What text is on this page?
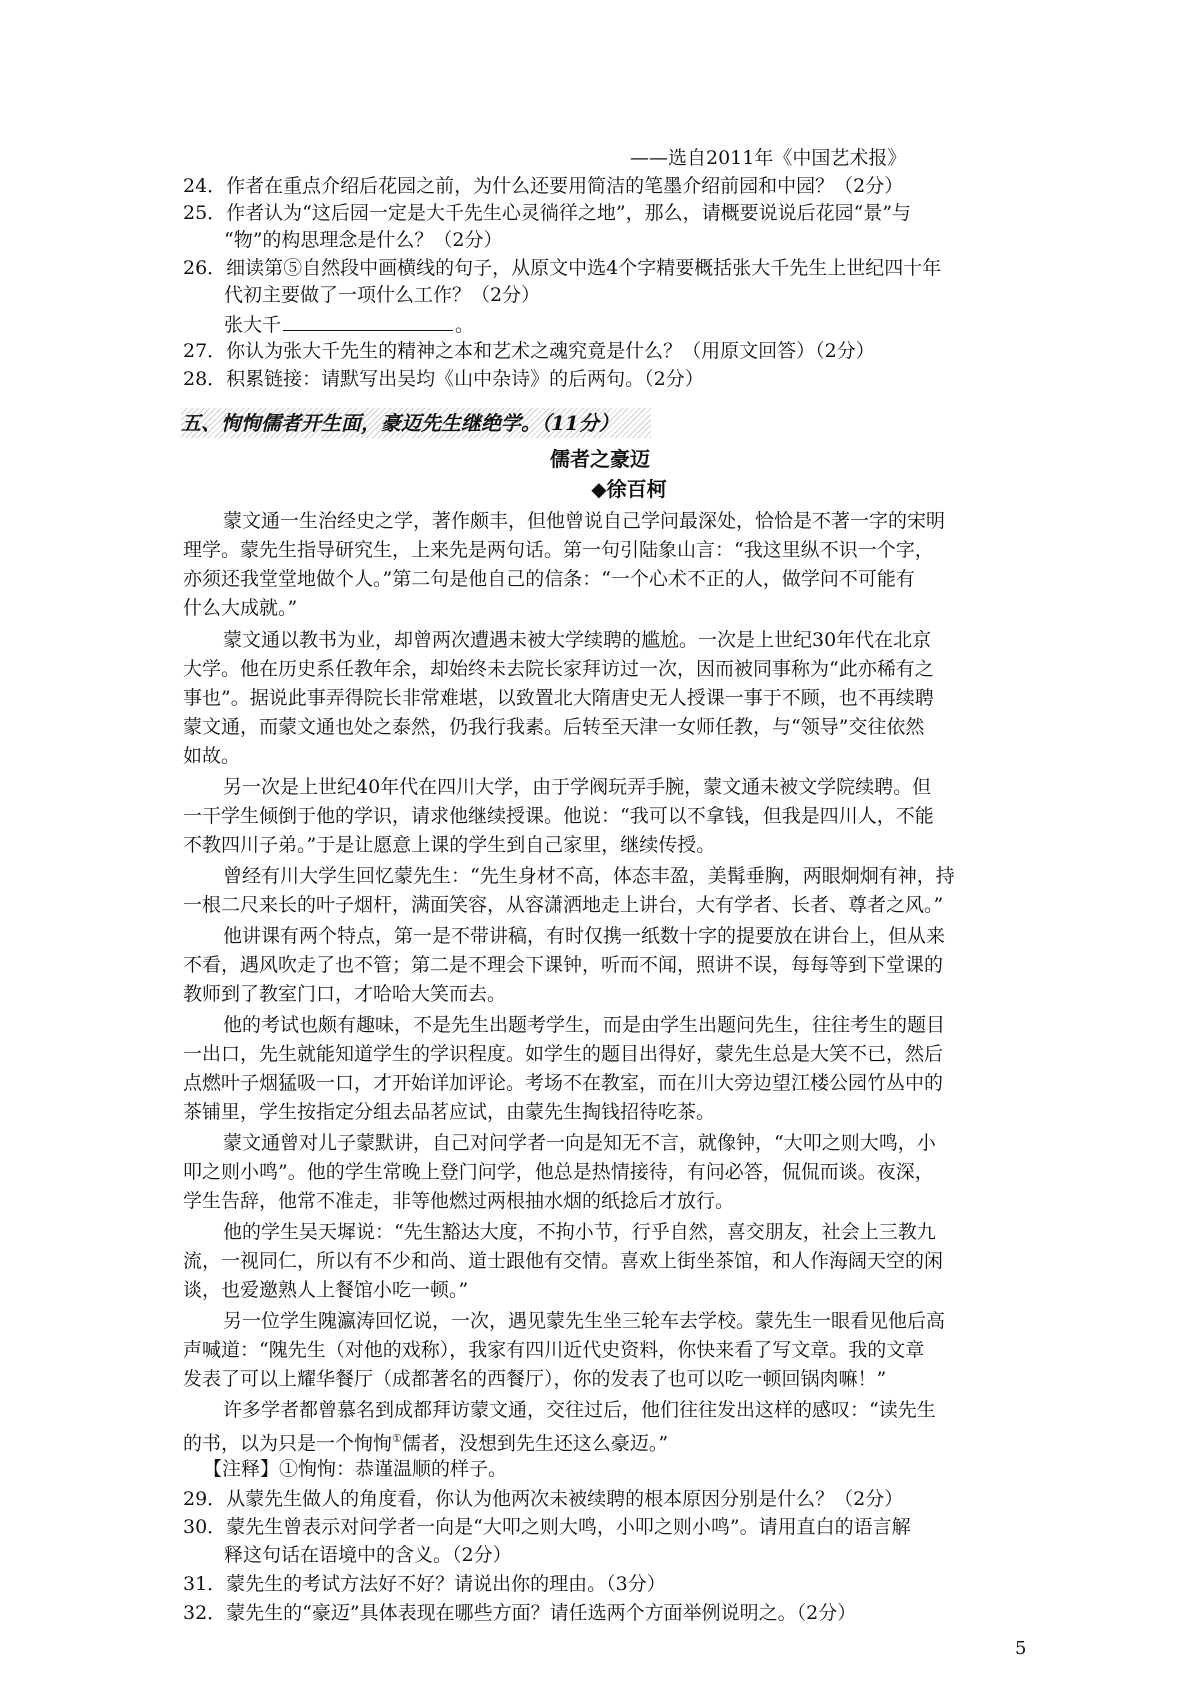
——选自2011年《中国艺术报》
24．作者在重点介绍后花园之前，为什么还要用简洁的笔墨介绍前园和中园？（2分）
25．作者认为“这后园一定是大千先生心灵徜徉之地”，那么，请概要说说后花园“景”与
“物”的构思理念是什么？（2分）
26．细读第⑤自然段中画横线的句子，从原文中选4个字精要概括张大千先生上世纪四十年
代初主要做了一项什么工作？（2分）
张大千	。
27．你认为张大千先生的精神之本和艺术之魂究竟是什么？（用原文回答）（2分）
28．积累链接：请默写出吴均《山中杂诗》的后两句。（2分）
五、恂恂儒者开生面，豪迈先生继绝学。（11分）
儒者之豪迈
◆徐百柯
蒙文通一生治经史之学，著作颇丰，但他曾说自己学问最深处，恰恰是不著一字的宋明
理学。蒙先生指导研究生，上来先是两句话。第一句引陆象山言：“我这里纵不识一个字，
亦须还我堂堂地做个人。”第二句是他自己的信条：“一个心术不正的人，做学问不可能有
什么大成就。”
蒙文通以教书为业，却曾两次遭遇未被大学续聘的尴尬。一次是上世纪30年代在北京
大学。他在历史系任教年余，却始终未去院长家拜访过一次，因而被同事称为“此亦稀有之
事也”。据说此事弄得院长非常难堪，以致置北大隋唐史无人授课一事于不顾，也不再续聘
蒙文通，而蒙文通也处之泰然，仍我行我素。后转至天津一女师任教，与“领导”交往依然
如故。
另一次是上世纪40年代在四川大学，由于学阀玩弄手腕，蒙文通未被文学院续聘。但
一干学生倾倒于他的学识，请求他继续授课。他说：“我可以不拿钱，但我是四川人，不能
不教四川子弟。”于是让愿意上课的学生到自己家里，继续传授。
曾经有川大学生回忆蒙先生：“先生身材不高，体态丰盈，美髯垂胸，两眼炯炯有神，持
一根二尺来长的叶子烟杆，满面笑容，从容潇洒地走上讲台，大有学者、长者、尊者之风。”
他讲课有两个特点，第一是不带讲稿，有时仅携一纸数十字的提要放在讲台上，但从来
不看，遇风吹走了也不管；第二是不理会下课钟，听而不闻，照讲不误，每每等到下堂课的
教师到了教室门口，才哈哈大笑而去。
他的考试也颇有趣味，不是先生出题考学生，而是由学生出题问先生，往往考生的题目
一出口，先生就能知道学生的学识程度。如学生的题目出得好，蒙先生总是大笑不已，然后
点燃叶子烟猛吸一口，才开始详加评论。考场不在教室，而在川大旁边望江楼公园竹丛中的
茶铺里，学生按指定分组去品茗应试，由蒙先生掏钱招待吃茶。
蒙文通曾对儿子蒙默讲，自己对问学者一向是知无不言，就像钟，“大叩之则大鸣，小
叩之则小鸣”。他的学生常晚上登门问学，他总是热情接待，有问必答，侃侃而谈。夜深，
学生告辞，他常不准走，非等他燃过两根抽水烟的纸捻后才放行。
他的学生吴天墀说：“先生豁达大度，不拘小节，行乎自然，喜交朋友，社会上三教九
流，一视同仁，所以有不少和尚、道士跟他有交情。喜欢上街坐茶馆，和人作海阔天空的闲
谈，也爱邀熟人上餐馆小吃一顿。”
另一位学生隗瀛涛回忆说，一次，遇见蒙先生坐三轮车去学校。蒙先生一眼看见他后高
声喊道：“隗先生（对他的戏称），我家有四川近代史资料，你快来看了写文章。我的文章
发表了可以上耀华餐厅（成都著名的西餐厅），你的发表了也可以吃一顿回锅肉嘛！”
许多学者都曾慕名到成都拜访蒙文通，交往过后，他们往往发出这样的感叹：“读先生
的书，以为只是一个恂恂①儒者，没想到先生还这么豪迈。”
【注释】①恂恂：恭谨温顺的样子。
29．从蒙先生做人的角度看，你认为他两次未被续聘的根本原因分别是什么？（2分）
30．蒙先生曾表示对问学者一向是“大叩之则大鸣，小叩之则小鸣”。请用直白的语言解
释这句话在语境中的含义。（2分）
31．蒙先生的考试方法好不好？请说出你的理由。（3分）
32．蒙先生的“豪迈”具体表现在哪些方面？请任选两个方面举例说明之。（2分）
5
